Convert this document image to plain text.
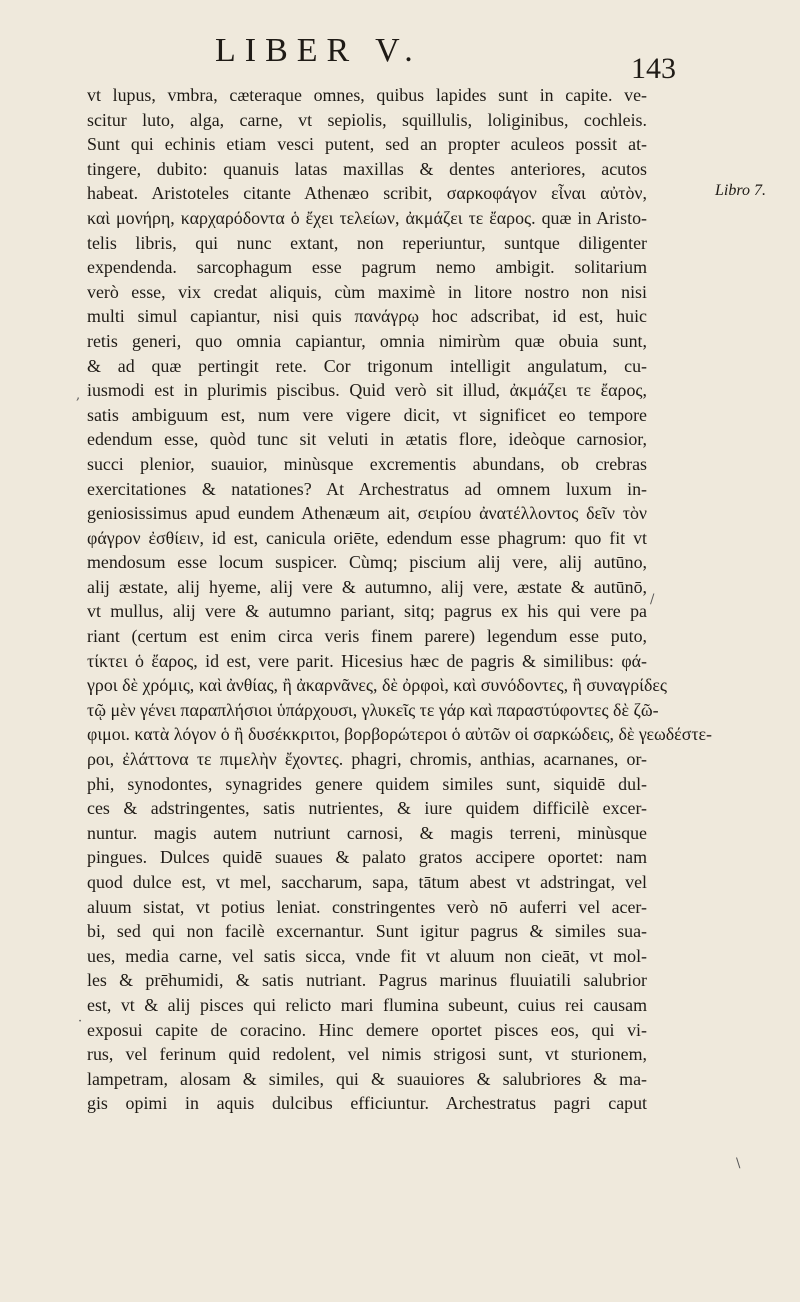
LIBER V.	143
Libro 7.
vt lupus, vmbra, cæteraque omnes, quibus lapides sunt in capite. ve-
scitur luto, alga, carne, vt sepiolis, squillulis, loliginibus, cochleis.
Sunt qui echinis etiam vesci putent, sed an propter aculeos possit at-
tingere, dubito: quanuis latas maxillas & dentes anteriores, acutos
habeat. Aristoteles citante Athenæo scribit, σαρκοφάγον εἶναι αὐτὸν,
καὶ μονήρη, καρχαρόδοντα ὁ ἔχει τελείων, ἀκμάζει τε ἔαρος. quæ in Aristo-
telis libris, qui nunc extant, non reperiuntur, suntque diligenter
expendenda. sarcophagum esse pagrum nemo ambigit. solitarium
verò esse, vix credat aliquis, cùm maximè in litore nostro non nisi
multi simul capiantur, nisi quis πανάγρῳ hoc adscribat, id est, huic
retis generi, quo omnia capiantur, omnia nimirùm quæ obuia sunt,
& ad quæ pertingit rete. Cor trigonum intelligit angulatum, cu-
iusmodi est in plurimis piscibus. Quid verò sit illud, ἀκμάζει τε ἔαρος,
satis ambiguum est, num vere vigere dicit, vt significet eo tempore
edendum esse, quòd tunc sit veluti in ætatis flore, ideòque carnosior,
succi plenior, suauior, minùsque excrementis abundans, ob crebras
exercitationes & natationes? At Archestratus ad omnem luxum in-
geniosissimus apud eundem Athenæum ait, σειρίου ἀνατέλλοντος δεῖν τὸν
φάγρον ἐσθίειν, id est, canicula oriēte, edendum esse phagrum: quo fit vt
mendosum esse locum suspicer. Cùmq; piscium alij vere, alij autūno,
alij æstate, alij hyeme, alij vere & autumno, alij vere, æstate & autūnō,
vt mullus, alij vere & autumno pariant, sitq; pagrus ex his qui vere pa
riant (certum est enim circa veris finem parere) legendum esse puto,
τίκτει ὁ ἔαρος, id est, vere parit. Hicesius hæc de pagris & similibus: φά-
γροι δὲ χρόμις, καὶ ἀνθίας, ἢ ἀκαρνᾶνες, δὲ ὀρφοὶ, καὶ συνόδοντες, ἢ συναγρίδες
τῷ μὲν γένει παραπλήσιοι ὑπάρχουσι, γλυκεῖς τε γάρ καὶ παραστύφοντες δὲ ζῶ-
φιμοι. κατὰ λόγον ὁ ἢ δυσέκκριτοι, βορβορώτεροι ὁ αὐτῶν οἱ σαρκώδεις, δὲ γεωδέστε-
ροι, ἐλάττονα τε πιμελὴν ἔχοντες. phagri, chromis, anthias, acarnanes, or-
phi, synodontes, synagrides genere quidem similes sunt, siquidē dul-
ces & adstringentes, satis nutrientes, & iure quidem difficilè excer-
nuntur. magis autem nutriunt carnosi, & magis terreni, minùsque
pingues. Dulces quidē suaues & palato gratos accipere oportet: nam
quod dulce est, vt mel, saccharum, sapa, tātum abest vt adstringat, vel
aluum sistat, vt potius leniat. constringentes verò nō auferri vel acer-
bi, sed qui non facilè excernantur. Sunt igitur pagrus & similes sua-
ues, media carne, vel satis sicca, vnde fit vt aluum non cieāt, vt mol-
les & prēhumidi, & satis nutriant. Pagrus marinus fluuiatili salubrior
est, vt & alij pisces qui relicto mari flumina subeunt, cuius rei causam
exposui capite de coracino. Hinc demere oportet pisces eos, qui vi-
rus, vel ferinum quid redolent, vel nimis strigosi sunt, vt sturionem,
lampetram, alosam & similes, qui & suauiores & salubriores & ma-
gis opimi in aquis dulcibus efficiuntur. Archestratus pagri caput
,
/
·
\
